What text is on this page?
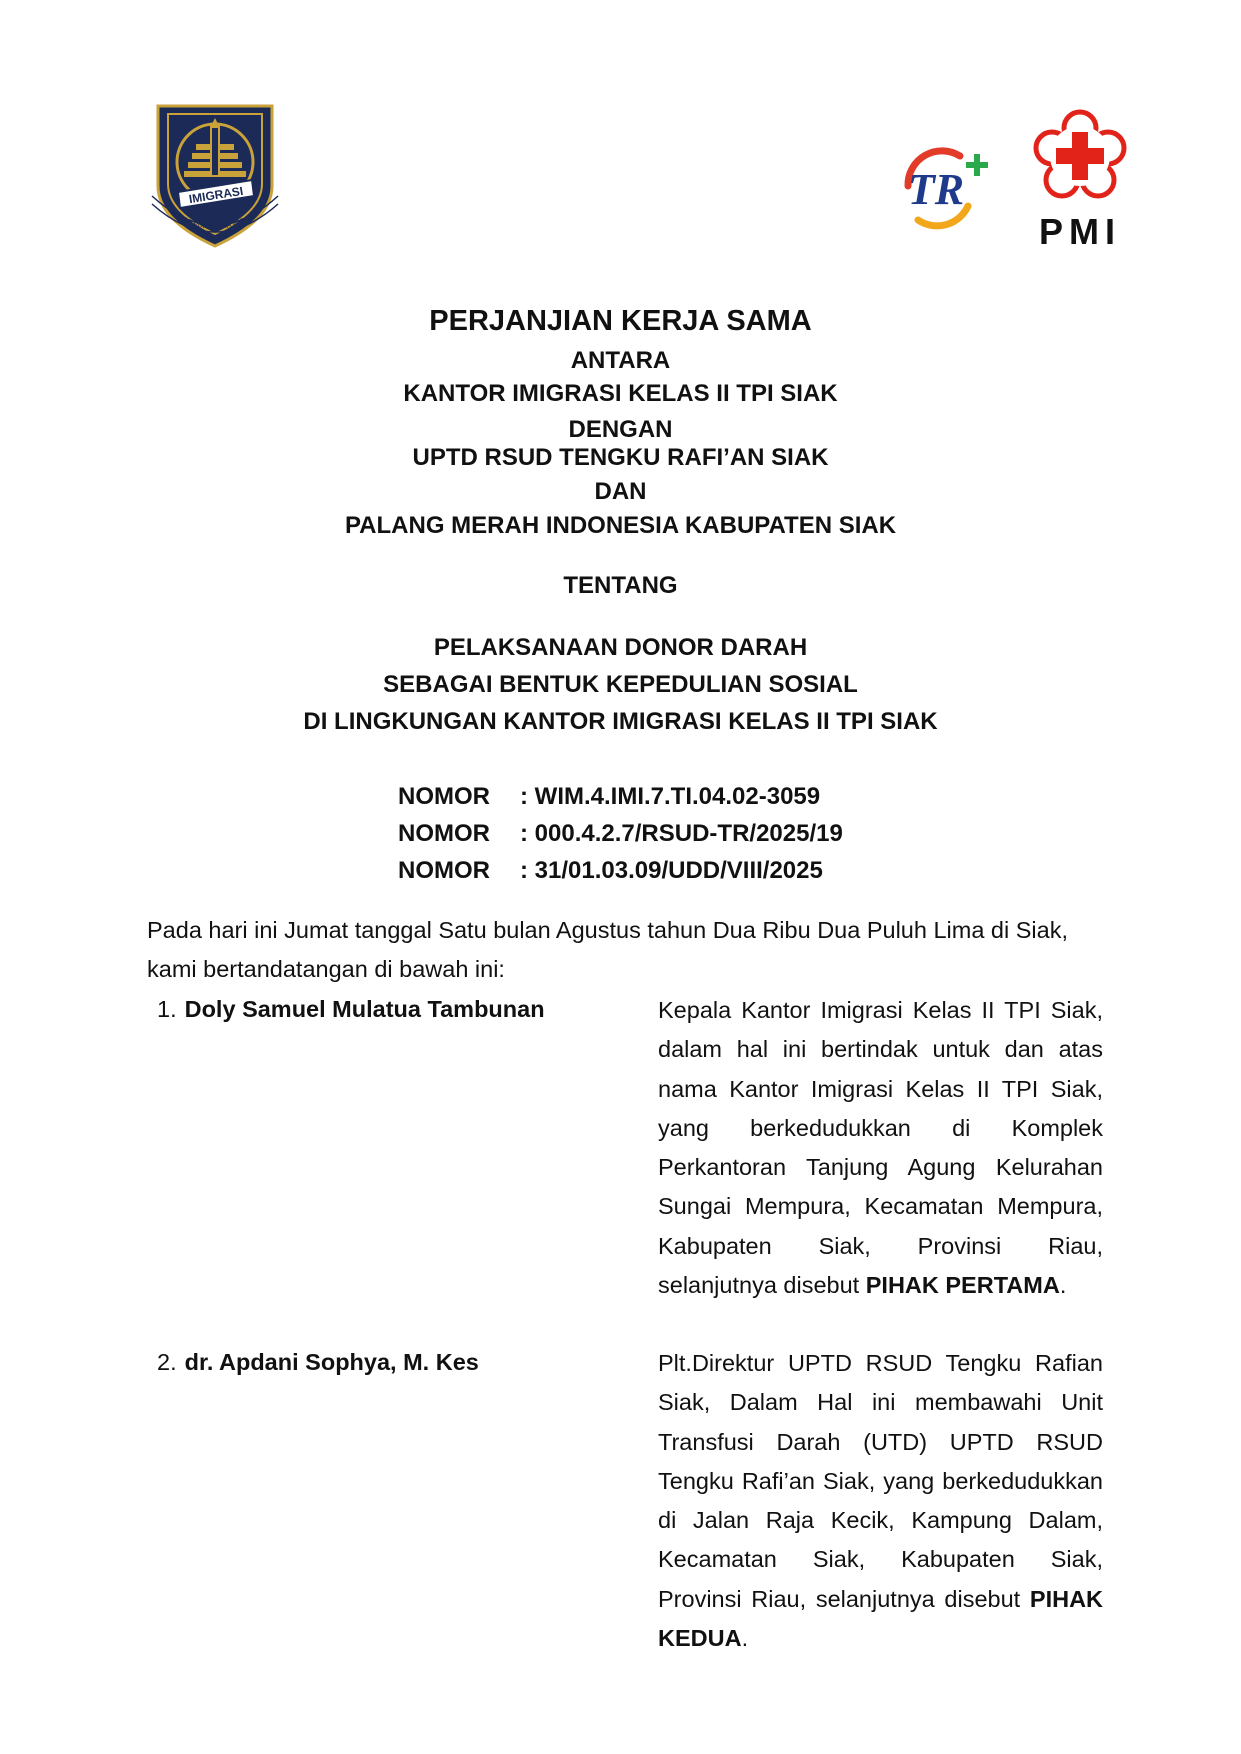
IMIGRASI
BHUMI PURA WIRA WIBAWA
TR
PMI
PERJANJIAN KERJA SAMA
ANTARA
KANTOR IMIGRASI KELAS II TPI SIAK
DENGAN
UPTD RSUD TENGKU RAFI’AN SIAK
DAN
PALANG MERAH INDONESIA KABUPATEN SIAK
TENTANG
PELAKSANAAN DONOR DARAH
SEBAGAI BENTUK KEPEDULIAN SOSIAL
DI LINGKUNGAN KANTOR IMIGRASI KELAS II TPI SIAK
NOMOR : WIM.4.IMI.7.TI.04.02-3059
NOMOR : 000.4.2.7/RSUD-TR/2025/19
NOMOR : 31/01.03.09/UDD/VIII/2025
Pada hari ini Jumat tanggal Satu bulan Agustus tahun Dua Ribu Dua Puluh Lima di Siak, kami bertandatangan di bawah ini:
1. Doly Samuel Mulatua Tambunan	Kepala Kantor Imigrasi Kelas II TPI Siak, dalam hal ini bertindak untuk dan atas nama Kantor Imigrasi Kelas II TPI Siak, yang berkedudukkan di Komplek Perkantoran Tanjung Agung Kelurahan Sungai Mempura, Kecamatan Mempura, Kabupaten Siak, Provinsi Riau, selanjutnya disebut PIHAK PERTAMA.
2. dr. Apdani Sophya, M. Kes	Plt.Direktur UPTD RSUD Tengku Rafian Siak, Dalam Hal ini membawahi Unit Transfusi Darah (UTD) UPTD RSUD Tengku Rafi’an Siak, yang berkedudukkan di Jalan Raja Kecik, Kampung Dalam, Kecamatan Siak, Kabupaten Siak, Provinsi Riau, selanjutnya disebut PIHAK KEDUA.
